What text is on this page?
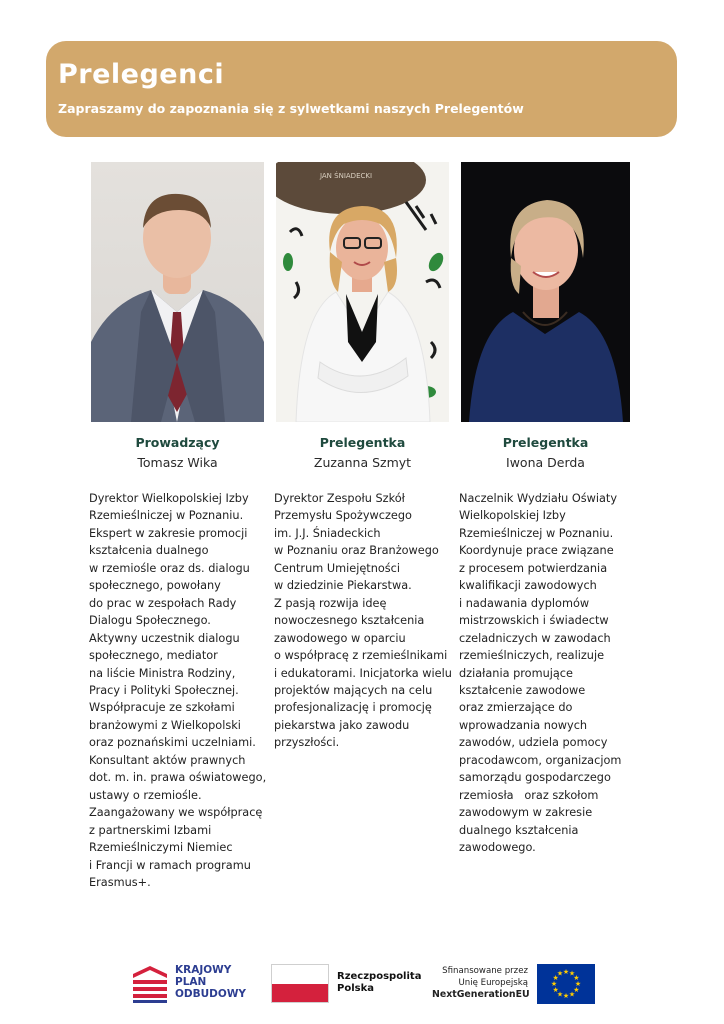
Prelegenci

Zapraszamy do zapoznania się z sylwetkami naszych Prelegentów

JAN ŚNIADECKI

Prowadzący

Tomasz Wika

Prelegentka

Zuzanna Szmyt

Prelegentka

Iwona Derda

Dyrektor Wielkopolskiej Izby
Rzemieślniczej w Poznaniu.
Ekspert w zakresie promocji
kształcenia dualnego
w rzemiośle oraz ds. dialogu
społecznego, powołany
do prac w zespołach Rady
Dialogu Społecznego.
Aktywny uczestnik dialogu
społecznego, mediator
na liście Ministra Rodziny,
Pracy i Polityki Społecznej.
Współpracuje ze szkołami
branżowymi z Wielkopolski
oraz poznańskimi uczelniami.
Konsultant aktów prawnych
dot. m. in. prawa oświatowego,
ustawy o rzemiośle.
Zaangażowany we współpracę
z partnerskimi Izbami
Rzemieślniczymi Niemiec
i Francji w ramach programu
Erasmus+.

Dyrektor Zespołu Szkół
Przemysłu Spożywczego
im. J.J. Śniadeckich
w Poznaniu oraz Branżowego
Centrum Umiejętności
w dziedzinie Piekarstwa.
Z pasją rozwija ideę
nowoczesnego kształcenia
zawodowego w oparciu
o współpracę z rzemieślnikami
i edukatorami. Inicjatorka wielu
projektów mających na celu
profesjonalizację i promocję
piekarstwa jako zawodu
przyszłości.

Naczelnik Wydziału Oświaty
Wielkopolskiej Izby
Rzemieślniczej w Poznaniu.
Koordynuje prace związane
z procesem potwierdzania
kwalifikacji zawodowych
i nadawania dyplomów
mistrzowskich i świadectw
czeladniczych w zawodach
rzemieślniczych, realizuje
działania promujące
kształcenie zawodowe
oraz zmierzające do
wprowadzania nowych
zawodów, udziela pomocy
pracodawcom, organizacjom
samorządu gospodarczego
rzemiosła   oraz szkołom
zawodowym w zakresie
dualnego kształcenia
zawodowego.

KRAJOWY
PLAN
ODBUDOWY

Rzeczpospolita
Polska

Sfinansowane przez
Unię Europejską
NextGenerationEU

★ ★
★
★
★
★
★
★
★
★
★
★
